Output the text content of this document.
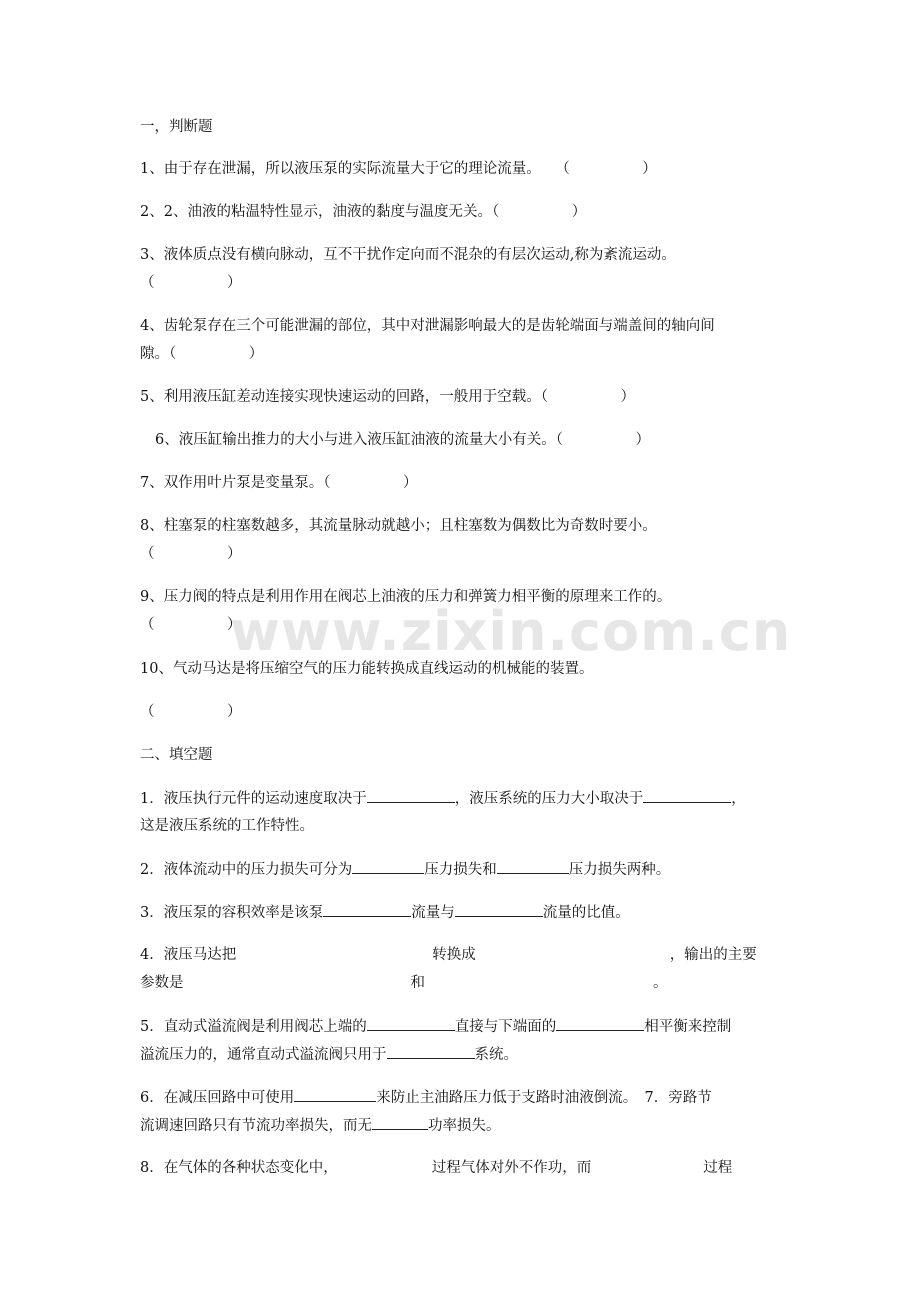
一，判断题
1、由于存在泄漏，所以液压泵的实际流量大于它的理论流量。　　（　　　　　）
2、2、油液的粘温特性显示，油液的黏度与温度无关。（　　　　　）
3、液体质点没有横向脉动，互不干扰作定向而不混杂的有层次运动,称为紊流运动。
（　　　　　）
4、齿轮泵存在三个可能泄漏的部位，其中对泄漏影响最大的是齿轮端面与端盖间的轴向间
隙。（　　　　　）
5、利用液压缸差动连接实现快速运动的回路，一般用于空载。（　　　　　）
6、液压缸输出推力的大小与进入液压缸油液的流量大小有关。（　　　　　）
7、双作用叶片泵是变量泵。（　　　　　）
8、柱塞泵的柱塞数越多，其流量脉动就越小；且柱塞数为偶数比为奇数时要小。
（　　　　　）
9、压力阀的特点是利用作用在阀芯上油液的压力和弹簧力相平衡的原理来工作的。
（　　　　　）
10、气动马达是将压缩空气的压力能转换成直线运动的机械能的装置。
（　　　　　）
二、填空题
1．液压执行元件的运动速度取决于	，液压系统的压力大小取决于	，
这是液压系统的工作特性。
2．液体流动中的压力损失可分为	压力损失和	压力损失两种。
3．液压泵的容积效率是该泵	流量与	流量的比值。
4．液压马达把	转换成	，输出的主要
参数是	和	。
5．直动式溢流阀是利用阀芯上端的	直接与下端面的	相平衡来控制
溢流压力的，通常直动式溢流阀只用于	系统。
6．在减压回路中可使用	来防止主油路压力低于支路时油液倒流。　7．旁路节
流调速回路只有节流功率损失，而无	功率损失。
8．在气体的各种状态变化中，	过程气体对外不作功，而	过程
www.zixin.com.cn
